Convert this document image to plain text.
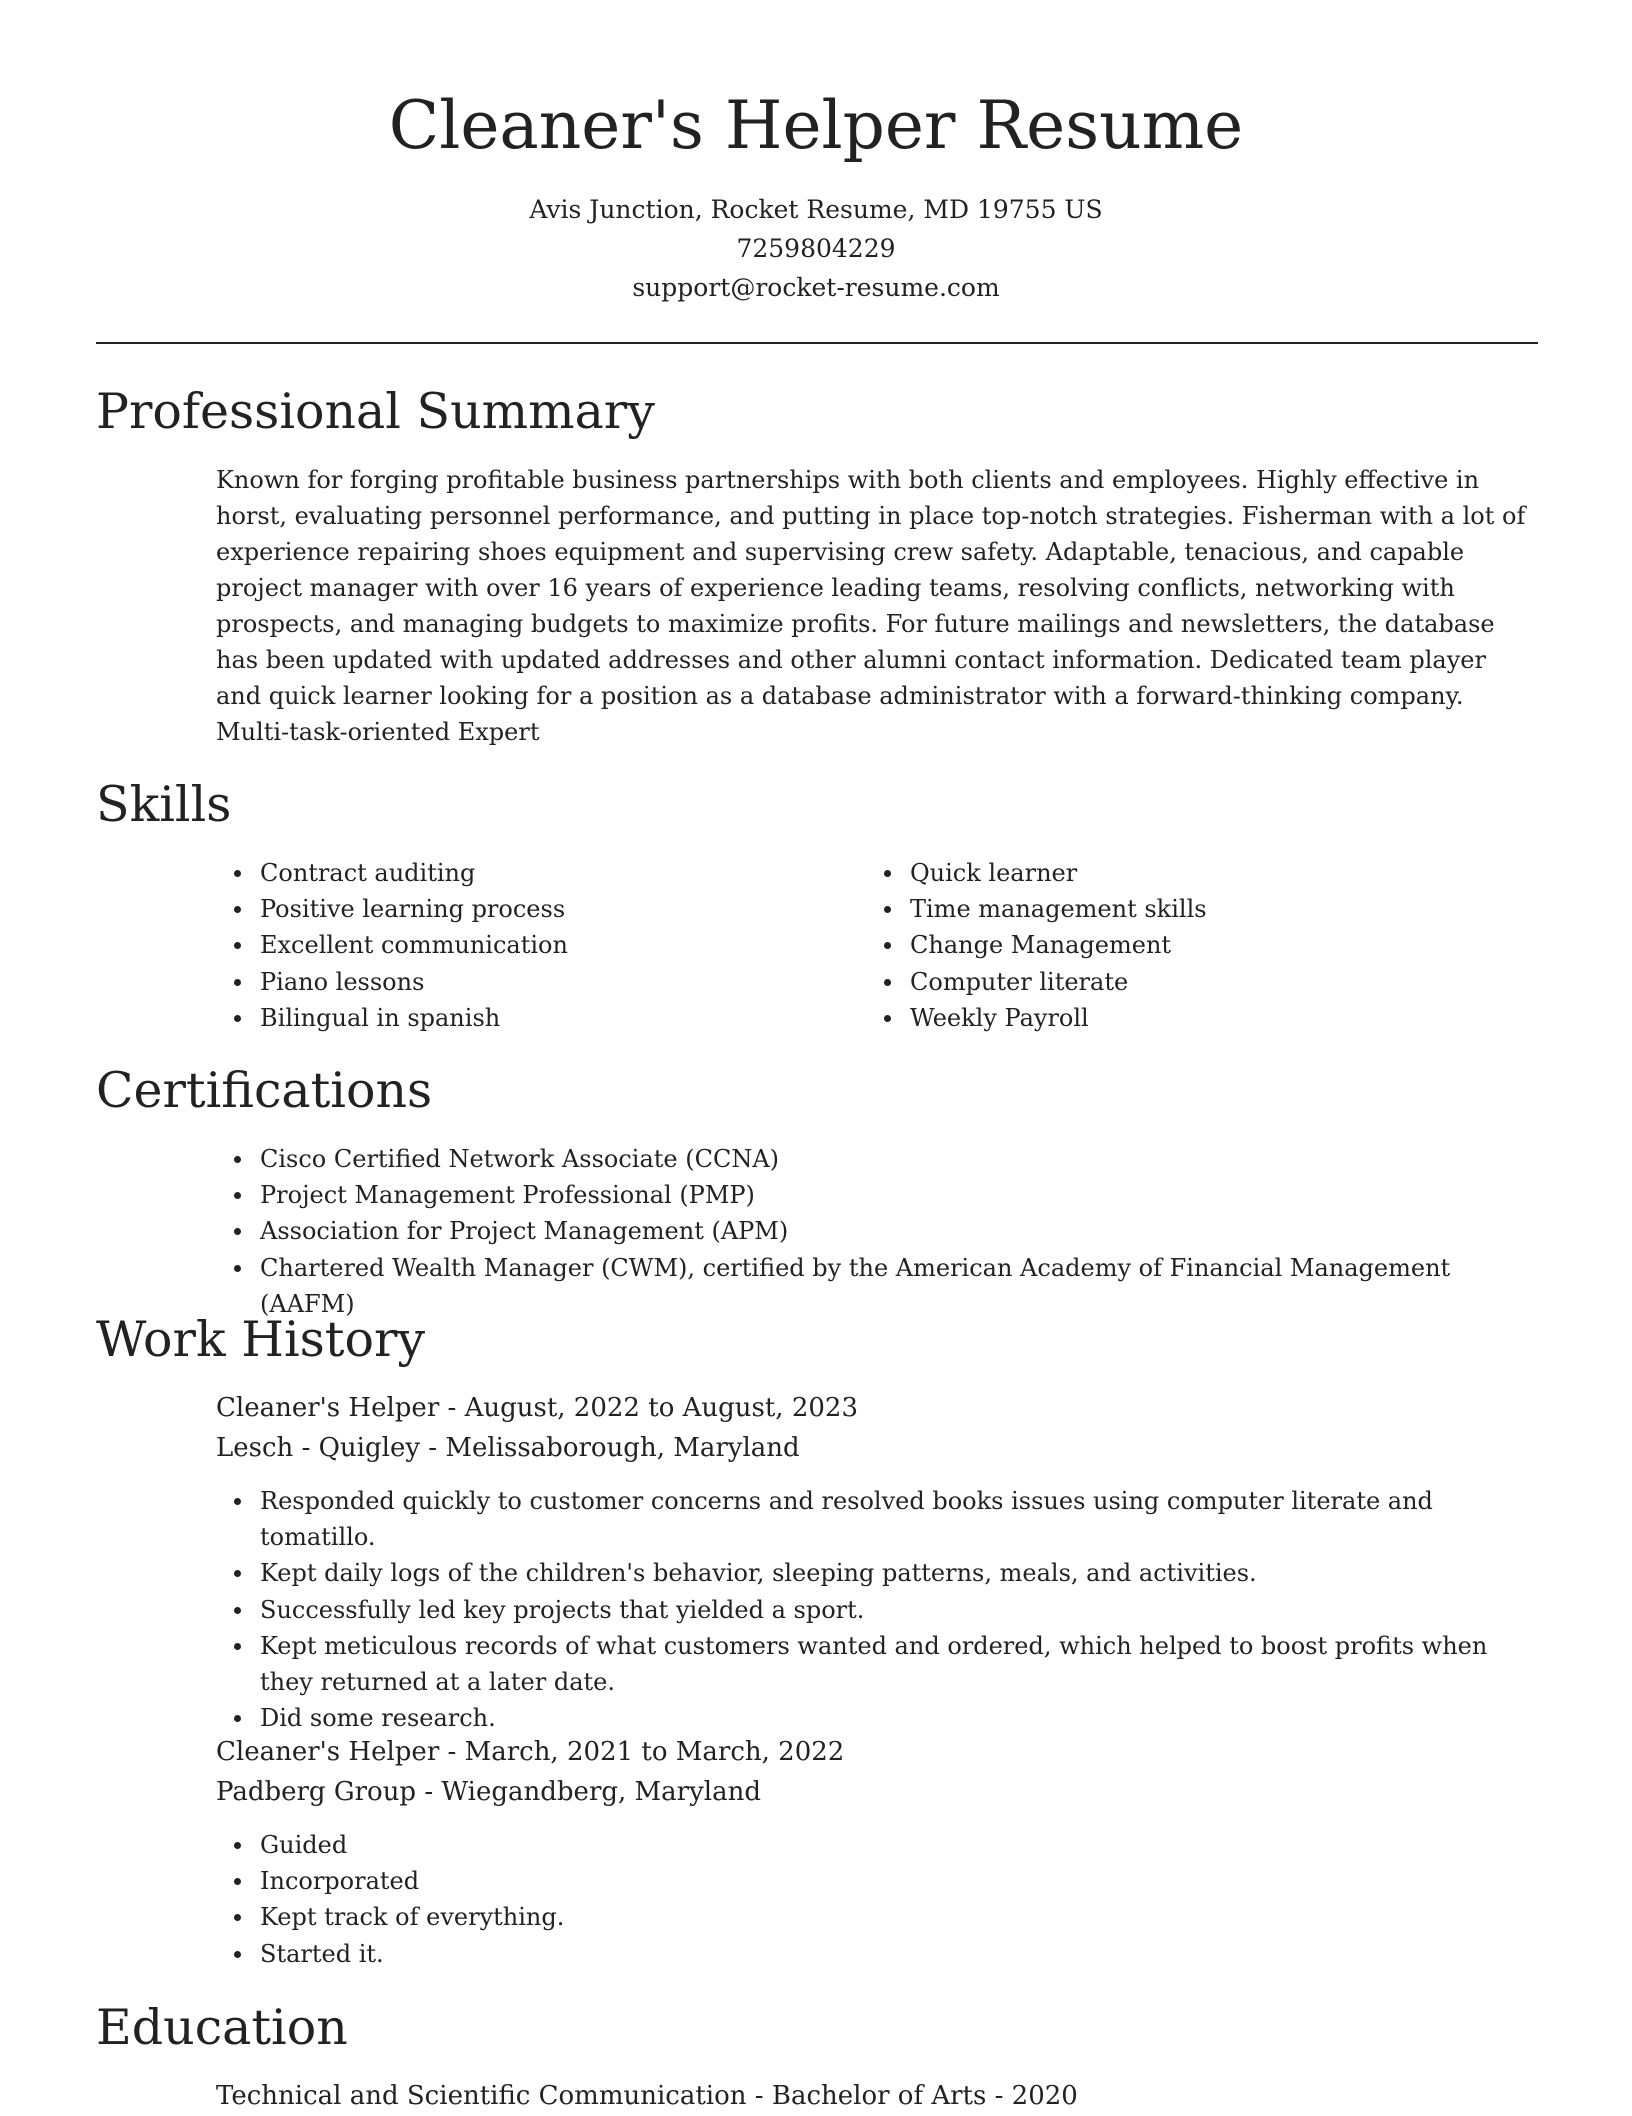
Cleaner's Helper Resume
Avis Junction, Rocket Resume, MD 19755 US
7259804229
support@rocket-resume.com
Professional Summary

Known for forging profitable business partnerships with both clients and employees. Highly effective in horst, evaluating personnel performance, and putting in place top-notch strategies. Fisherman with a lot of experience repairing shoes equipment and supervising crew safety. Adaptable, tenacious, and capable project manager with over 16 years of experience leading teams, resolving conflicts, networking with prospects, and managing budgets to maximize profits. For future mailings and newsletters, the database has been updated with updated addresses and other alumni contact information. Dedicated team player and quick learner looking for a position as a database administrator with a forward-thinking company. Multi-task-oriented Expert

Skills
Contract auditing
Positive learning process
Excellent communication
Piano lessons
Bilingual in spanish
Quick learner
Time management skills
Change Management
Computer literate
Weekly Payroll
Certifications
Cisco Certified Network Associate (CCNA)
Project Management Professional (PMP)
Association for Project Management (APM)
Chartered Wealth Manager (CWM), certified by the American Academy of Financial Management (AAFM)
Work History
Cleaner's Helper - August, 2022 to August, 2023
Lesch - Quigley - Melissaborough, Maryland
Responded quickly to customer concerns and resolved books issues using computer literate and tomatillo.
Kept daily logs of the children's behavior, sleeping patterns, meals, and activities.
Successfully led key projects that yielded a sport.
Kept meticulous records of what customers wanted and ordered, which helped to boost profits when they returned at a later date.
Did some research.
Cleaner's Helper - March, 2021 to March, 2022
Padberg Group - Wiegandberg, Maryland
Guided
Incorporated
Kept track of everything.
Started it.
Education
Technical and Scientific Communication - Bachelor of Arts - 2020
